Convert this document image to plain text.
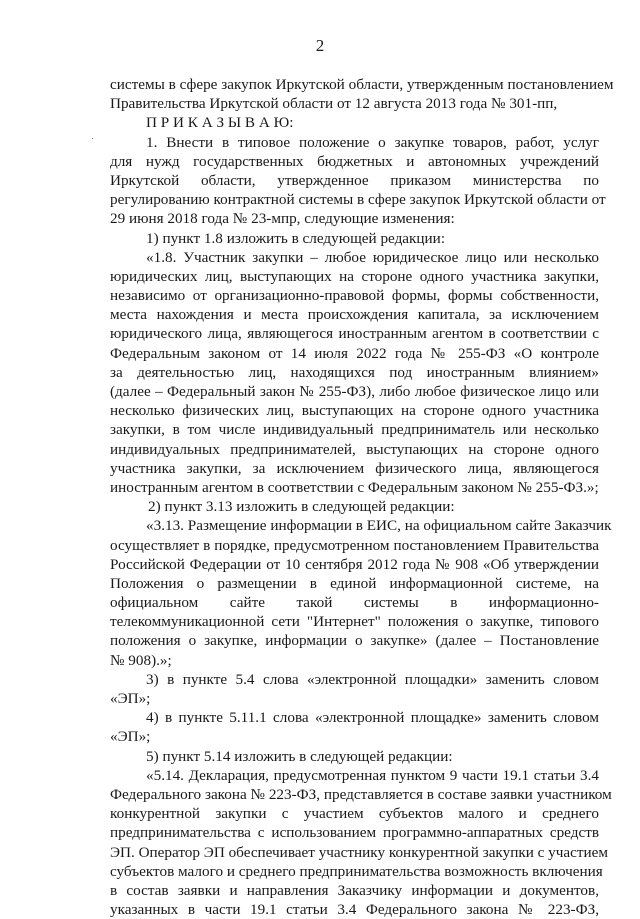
2
системы в сфере закупок Иркутской области, утвержденным постановлением
Правительства Иркутской области от 12 августа 2013 года № 301-пп,
П Р И К А З Ы В А Ю:
1. Внести в типовое положение о закупке товаров, работ, услуг
для нужд государственных бюджетных и автономных учреждений
Иркутской области, утвержденное приказом министерства по
регулированию контрактной системы в сфере закупок Иркутской области от
29 июня 2018 года № 23-мпр, следующие изменения:
1) пункт 1.8 изложить в следующей редакции:
«1.8. Участник закупки – любое юридическое лицо или несколько
юридических лиц, выступающих на стороне одного участника закупки,
независимо от организационно-правовой формы, формы собственности,
места нахождения и места происхождения капитала, за исключением
юридического лица, являющегося иностранным агентом в соответствии с
Федеральным законом от 14 июля 2022 года № 255-ФЗ «О контроле
за деятельностью лиц, находящихся под иностранным влиянием»
(далее – Федеральный закон № 255-ФЗ), либо любое физическое лицо или
несколько физических лиц, выступающих на стороне одного участника
закупки, в том числе индивидуальный предприниматель или несколько
индивидуальных предпринимателей, выступающих на стороне одного
участника закупки, за исключением физического лица, являющегося
иностранным агентом в соответствии с Федеральным законом № 255-ФЗ.»;
2) пункт 3.13 изложить в следующей редакции:
«3.13. Размещение информации в ЕИС, на официальном сайте Заказчик
осуществляет в порядке, предусмотренном постановлением Правительства
Российской Федерации от 10 сентября 2012 года № 908 «Об утверждении
Положения о размещении в единой информационной системе, на
официальном сайте такой системы в информационно-
телекоммуникационной сети "Интернет" положения о закупке, типового
положения о закупке, информации о закупке» (далее – Постановление
№ 908).»;
3) в пункте 5.4 слова «электронной площадки» заменить словом
«ЭП»;
4) в пункте 5.11.1 слова «электронной площадке» заменить словом
«ЭП»;
5) пункт 5.14 изложить в следующей редакции:
«5.14. Декларация, предусмотренная пунктом 9 части 19.1 статьи 3.4
Федерального закона № 223-ФЗ, представляется в составе заявки участником
конкурентной закупки с участием субъектов малого и среднего
предпринимательства с использованием программно-аппаратных средств
ЭП. Оператор ЭП обеспечивает участнику конкурентной закупки с участием
субъектов малого и среднего предпринимательства возможность включения
в состав заявки и направления Заказчику информации и документов,
указанных в части 19.1 статьи 3.4 Федерального закона № 223-ФЗ,
